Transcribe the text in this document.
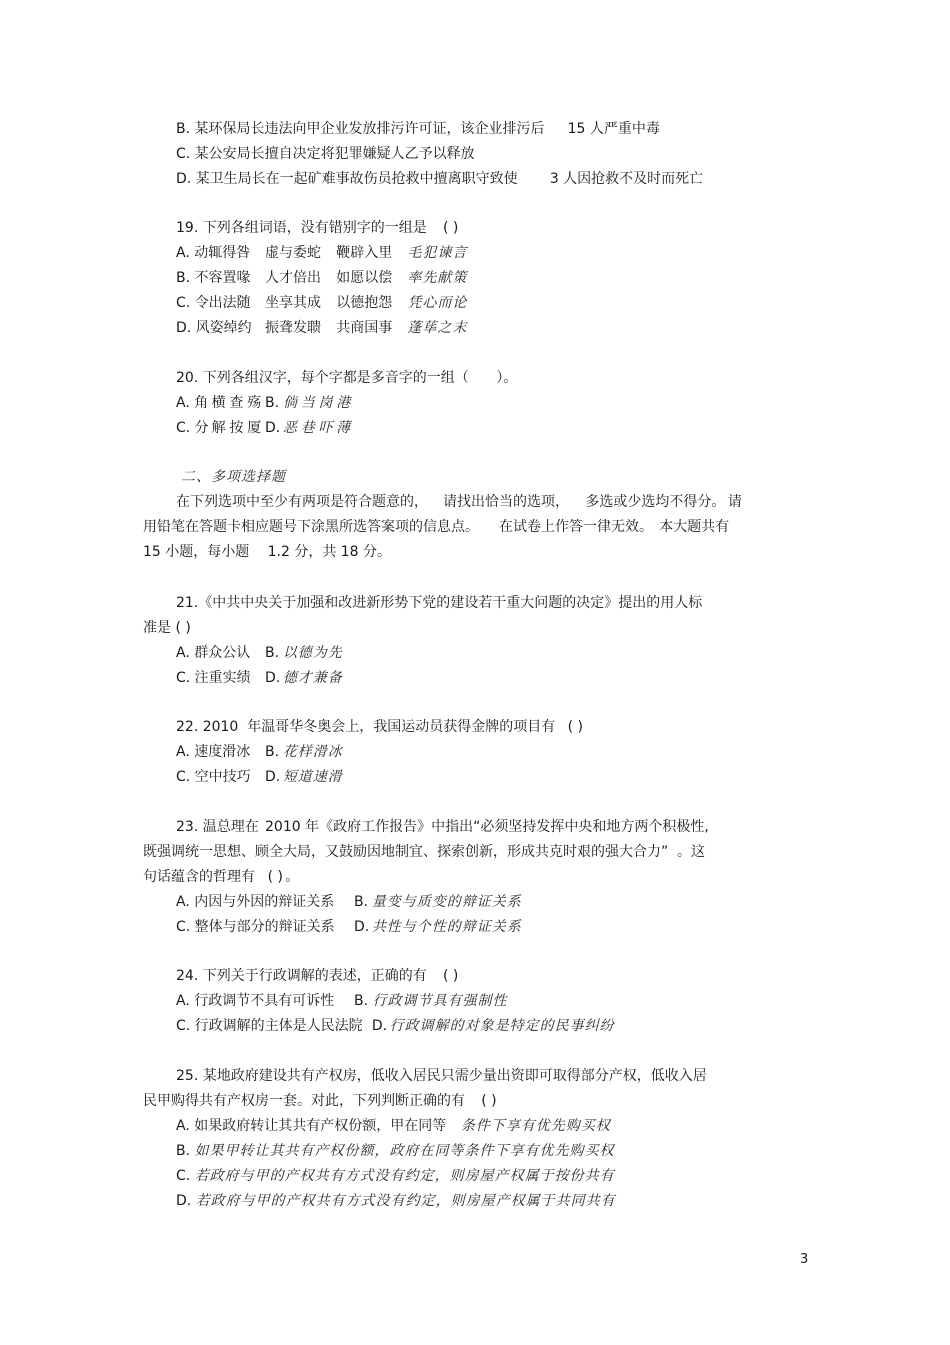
B. 某环保局长违法向甲企业发放排污许可证，该企业排污后		15 人严重中毒
C. 某公安局长擅自决定将犯罪嫌疑人乙予以释放
D. 某卫生局长在一起矿难事故伤员抢救中擅离职守致使		3 人因抢救不及时而死亡
19. 下列各组词语，没有错别字的一组是	( )
A. 动辄得咎	虚与委蛇	鞭辟入里	毛犯谏言
B. 不容置喙	人才倍出	如愿以偿	率先献策
C. 令出法随	坐享其成	以德抱怨	凭心而论
D. 风姿绰约	振聋发聩	共商国事	蓬荜之末
20. 下列各组汉字，每个字都是多音字的一组（		）。
A. 角	横	查	殇	B.	倘	当	岗	港
C. 分	解	按	厦	D.	恶	巷	吓	薄
二、多项选择题
在下列选项中至少有两项是符合题意的，	请找出恰当的选项，	多选或少选均不得分。	请
用铅笔在答题卡相应题号下涂黑所选答案项的信息点。	在试卷上作答一律无效。	本大题共有
15 小题，每小题	1.2 分，共 18 分。
21.《中共中央关于加强和改进新形势下党的建设若干重大问题的决定》提出的用人标
准是 ( )
A. 群众公认	B.	以德为先
C. 注重实绩	D.	德才兼备
22. 2010	年温哥华冬奥会上，我国运动员获得金牌的项目有	( )
A. 速度滑冰	B.	花样滑冰
C. 空中技巧	D.	短道速滑
23. 温总理在	2010 年《政府工作报告》中指出“必须坚持发挥中央和地方两个积极性,
既强调统一思想、顾全大局，又鼓励因地制宜、探索创新，形成共克时艰的强大合力”	。这
句话蕴含的哲理有	( )	。
A. 内因与外因的辩证关系	B.	量变与质变的辩证关系
C. 整体与部分的辩证关系	D.	共性与个性的辩证关系
24. 下列关于行政调解的表述，正确的有	( )
A. 行政调节不具有可诉性	B. 行政调节具有强制性
C. 行政调解的主体是人民法院	D.	行政调解的对象是特定的民事纠纷
25. 某地政府建设共有产权房，低收入居民只需少量出资即可取得部分产权，低收入居
民甲购得共有产权房一套。对此，下列判断正确的有	( )
A. 如果政府转让其共有产权份额，甲在同等	条件下享有优先购买权
B. 如果甲转让其共有产权份额，政府在同等条件下享有优先购买权
C. 若政府与甲的产权共有方式没有约定，则房屋产权属于按份共有
D. 若政府与甲的产权共有方式没有约定，则房屋产权属于共同共有
3
